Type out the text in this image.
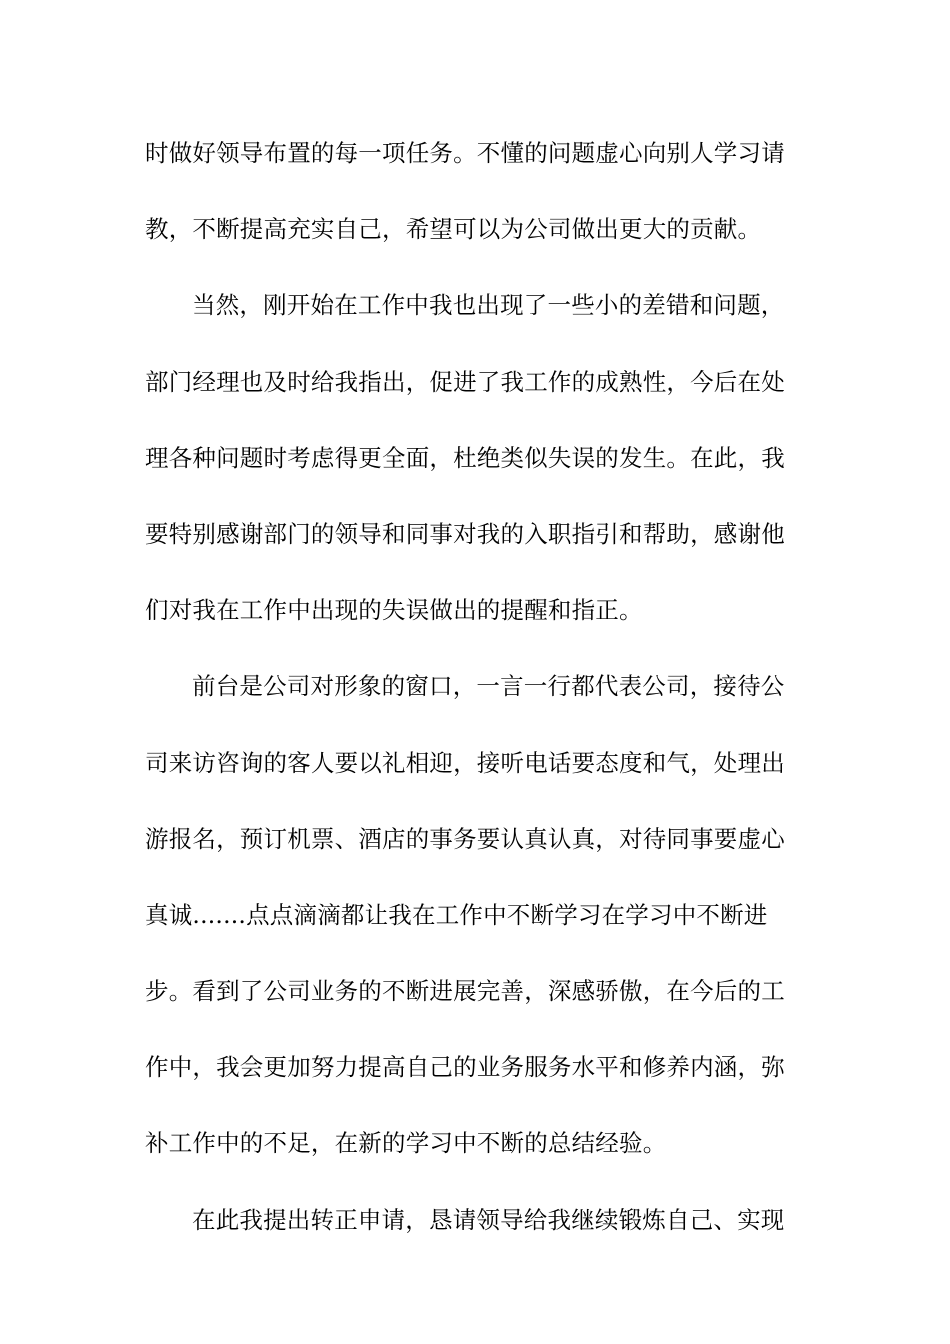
时做好领导布置的每一项任务。不懂的问题虚心向别人学习请
教，不断提高充实自己，希望可以为公司做出更大的贡献。
当然，刚开始在工作中我也出现了一些小的差错和问题，
部门经理也及时给我指出，促进了我工作的成熟性，今后在处
理各种问题时考虑得更全面，杜绝类似失误的发生。在此，我
要特别感谢部门的领导和同事对我的入职指引和帮助，感谢他
们对我在工作中出现的失误做出的提醒和指正。
前台是公司对形象的窗口，一言一行都代表公司，接待公
司来访咨询的客人要以礼相迎，接听电话要态度和气，处理出
游报名，预订机票、酒店的事务要认真认真，对待同事要虚心
真诚.......点点滴滴都让我在工作中不断学习在学习中不断进
步。看到了公司业务的不断进展完善，深感骄傲，在今后的工
作中，我会更加努力提高自己的业务服务水平和修养内涵，弥
补工作中的不足，在新的学习中不断的总结经验。
在此我提出转正申请，恳请领导给我继续锻炼自己、实现
